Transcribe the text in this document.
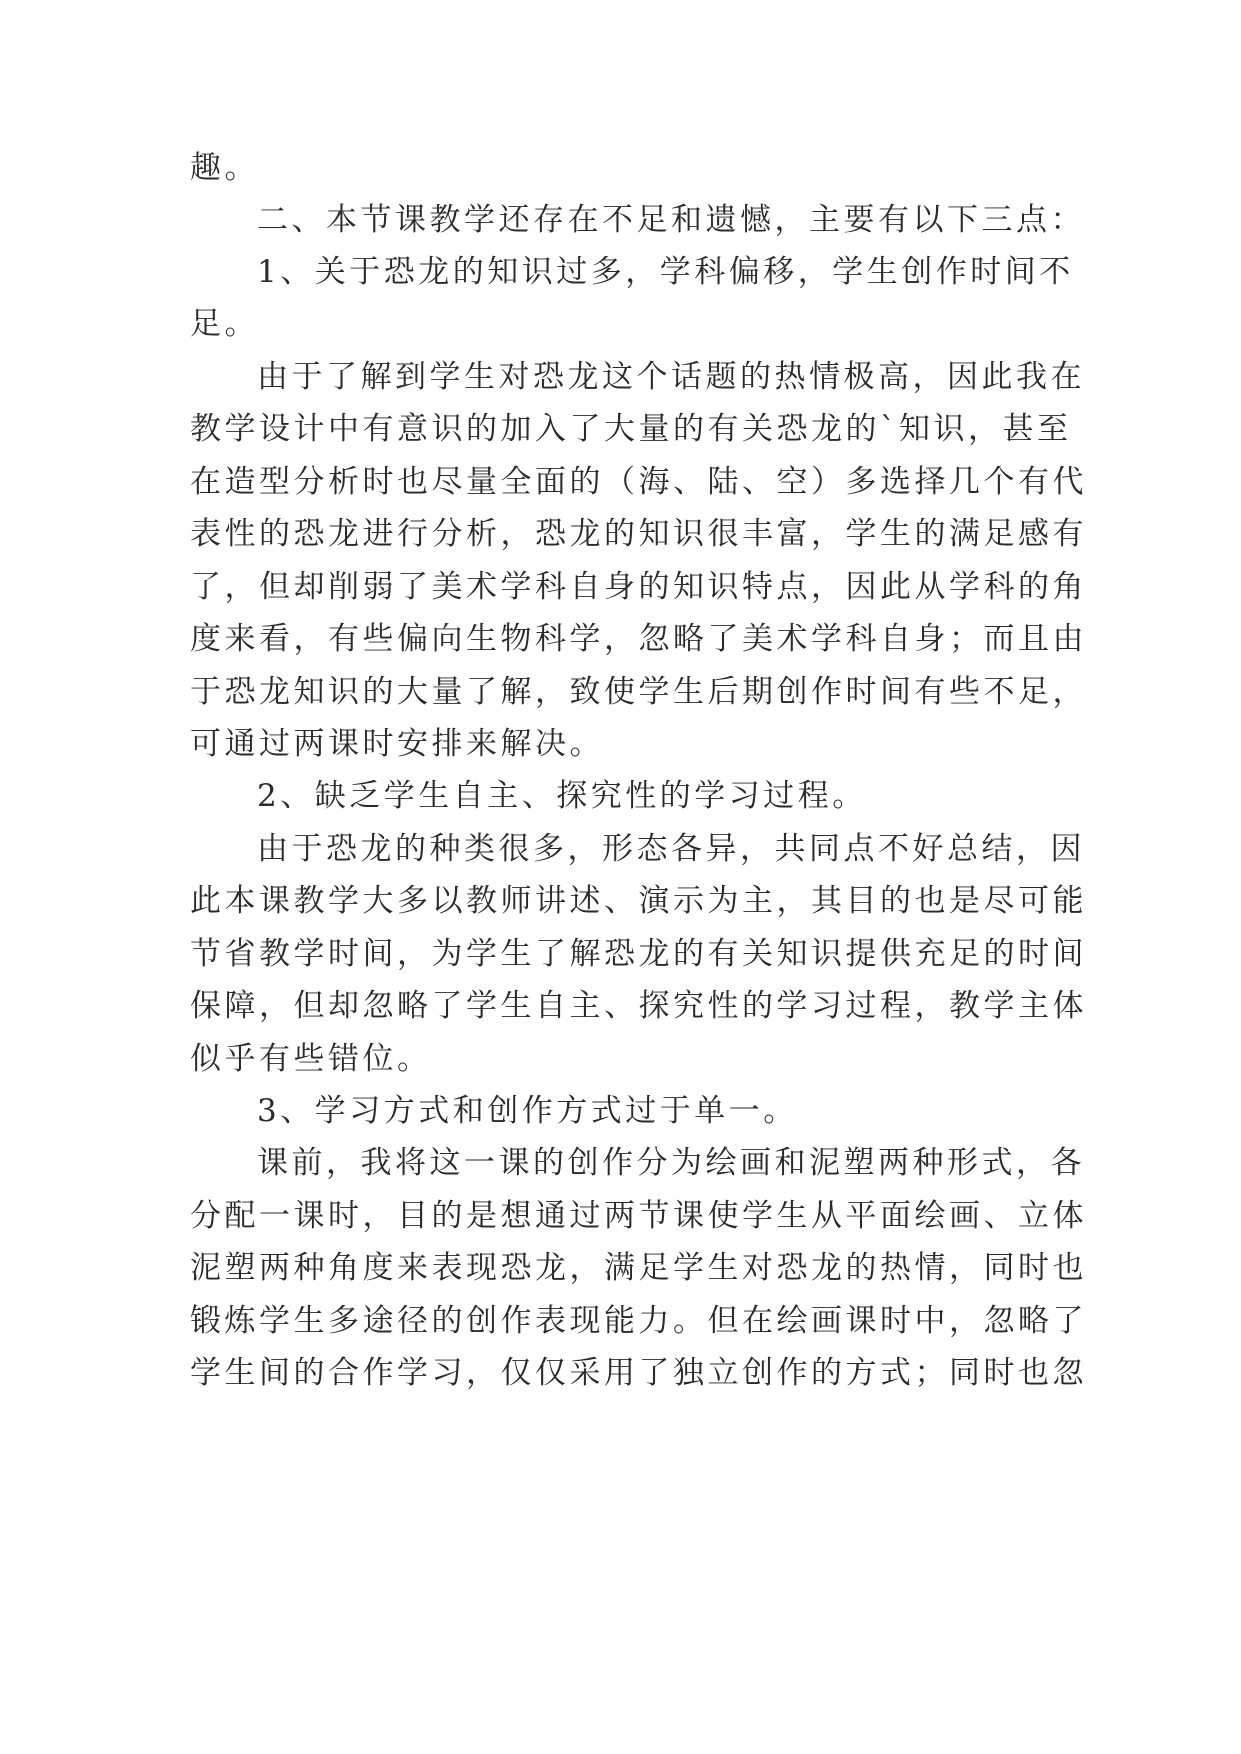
趣。

二、本节课教学还存在不足和遗憾，主要有以下三点：

1、关于恐龙的知识过多，学科偏移，学生创作时间不

足。

由于了解到学生对恐龙这个话题的热情极高，因此我在

教学设计中有意识的加入了大量的有关恐龙的`知识，甚至

在造型分析时也尽量全面的（海、陆、空）多选择几个有代

表性的恐龙进行分析，恐龙的知识很丰富，学生的满足感有

了，但却削弱了美术学科自身的知识特点，因此从学科的角

度来看，有些偏向生物科学，忽略了美术学科自身；而且由

于恐龙知识的大量了解，致使学生后期创作时间有些不足，

可通过两课时安排来解决。

2、缺乏学生自主、探究性的学习过程。

由于恐龙的种类很多，形态各异，共同点不好总结，因

此本课教学大多以教师讲述、演示为主，其目的也是尽可能

节省教学时间，为学生了解恐龙的有关知识提供充足的时间

保障，但却忽略了学生自主、探究性的学习过程，教学主体

似乎有些错位。

3、学习方式和创作方式过于单一。

课前，我将这一课的创作分为绘画和泥塑两种形式，各

分配一课时，目的是想通过两节课使学生从平面绘画、立体

泥塑两种角度来表现恐龙，满足学生对恐龙的热情，同时也

锻炼学生多途径的创作表现能力。但在绘画课时中，忽略了

学生间的合作学习，仅仅采用了独立创作的方式；同时也忽
